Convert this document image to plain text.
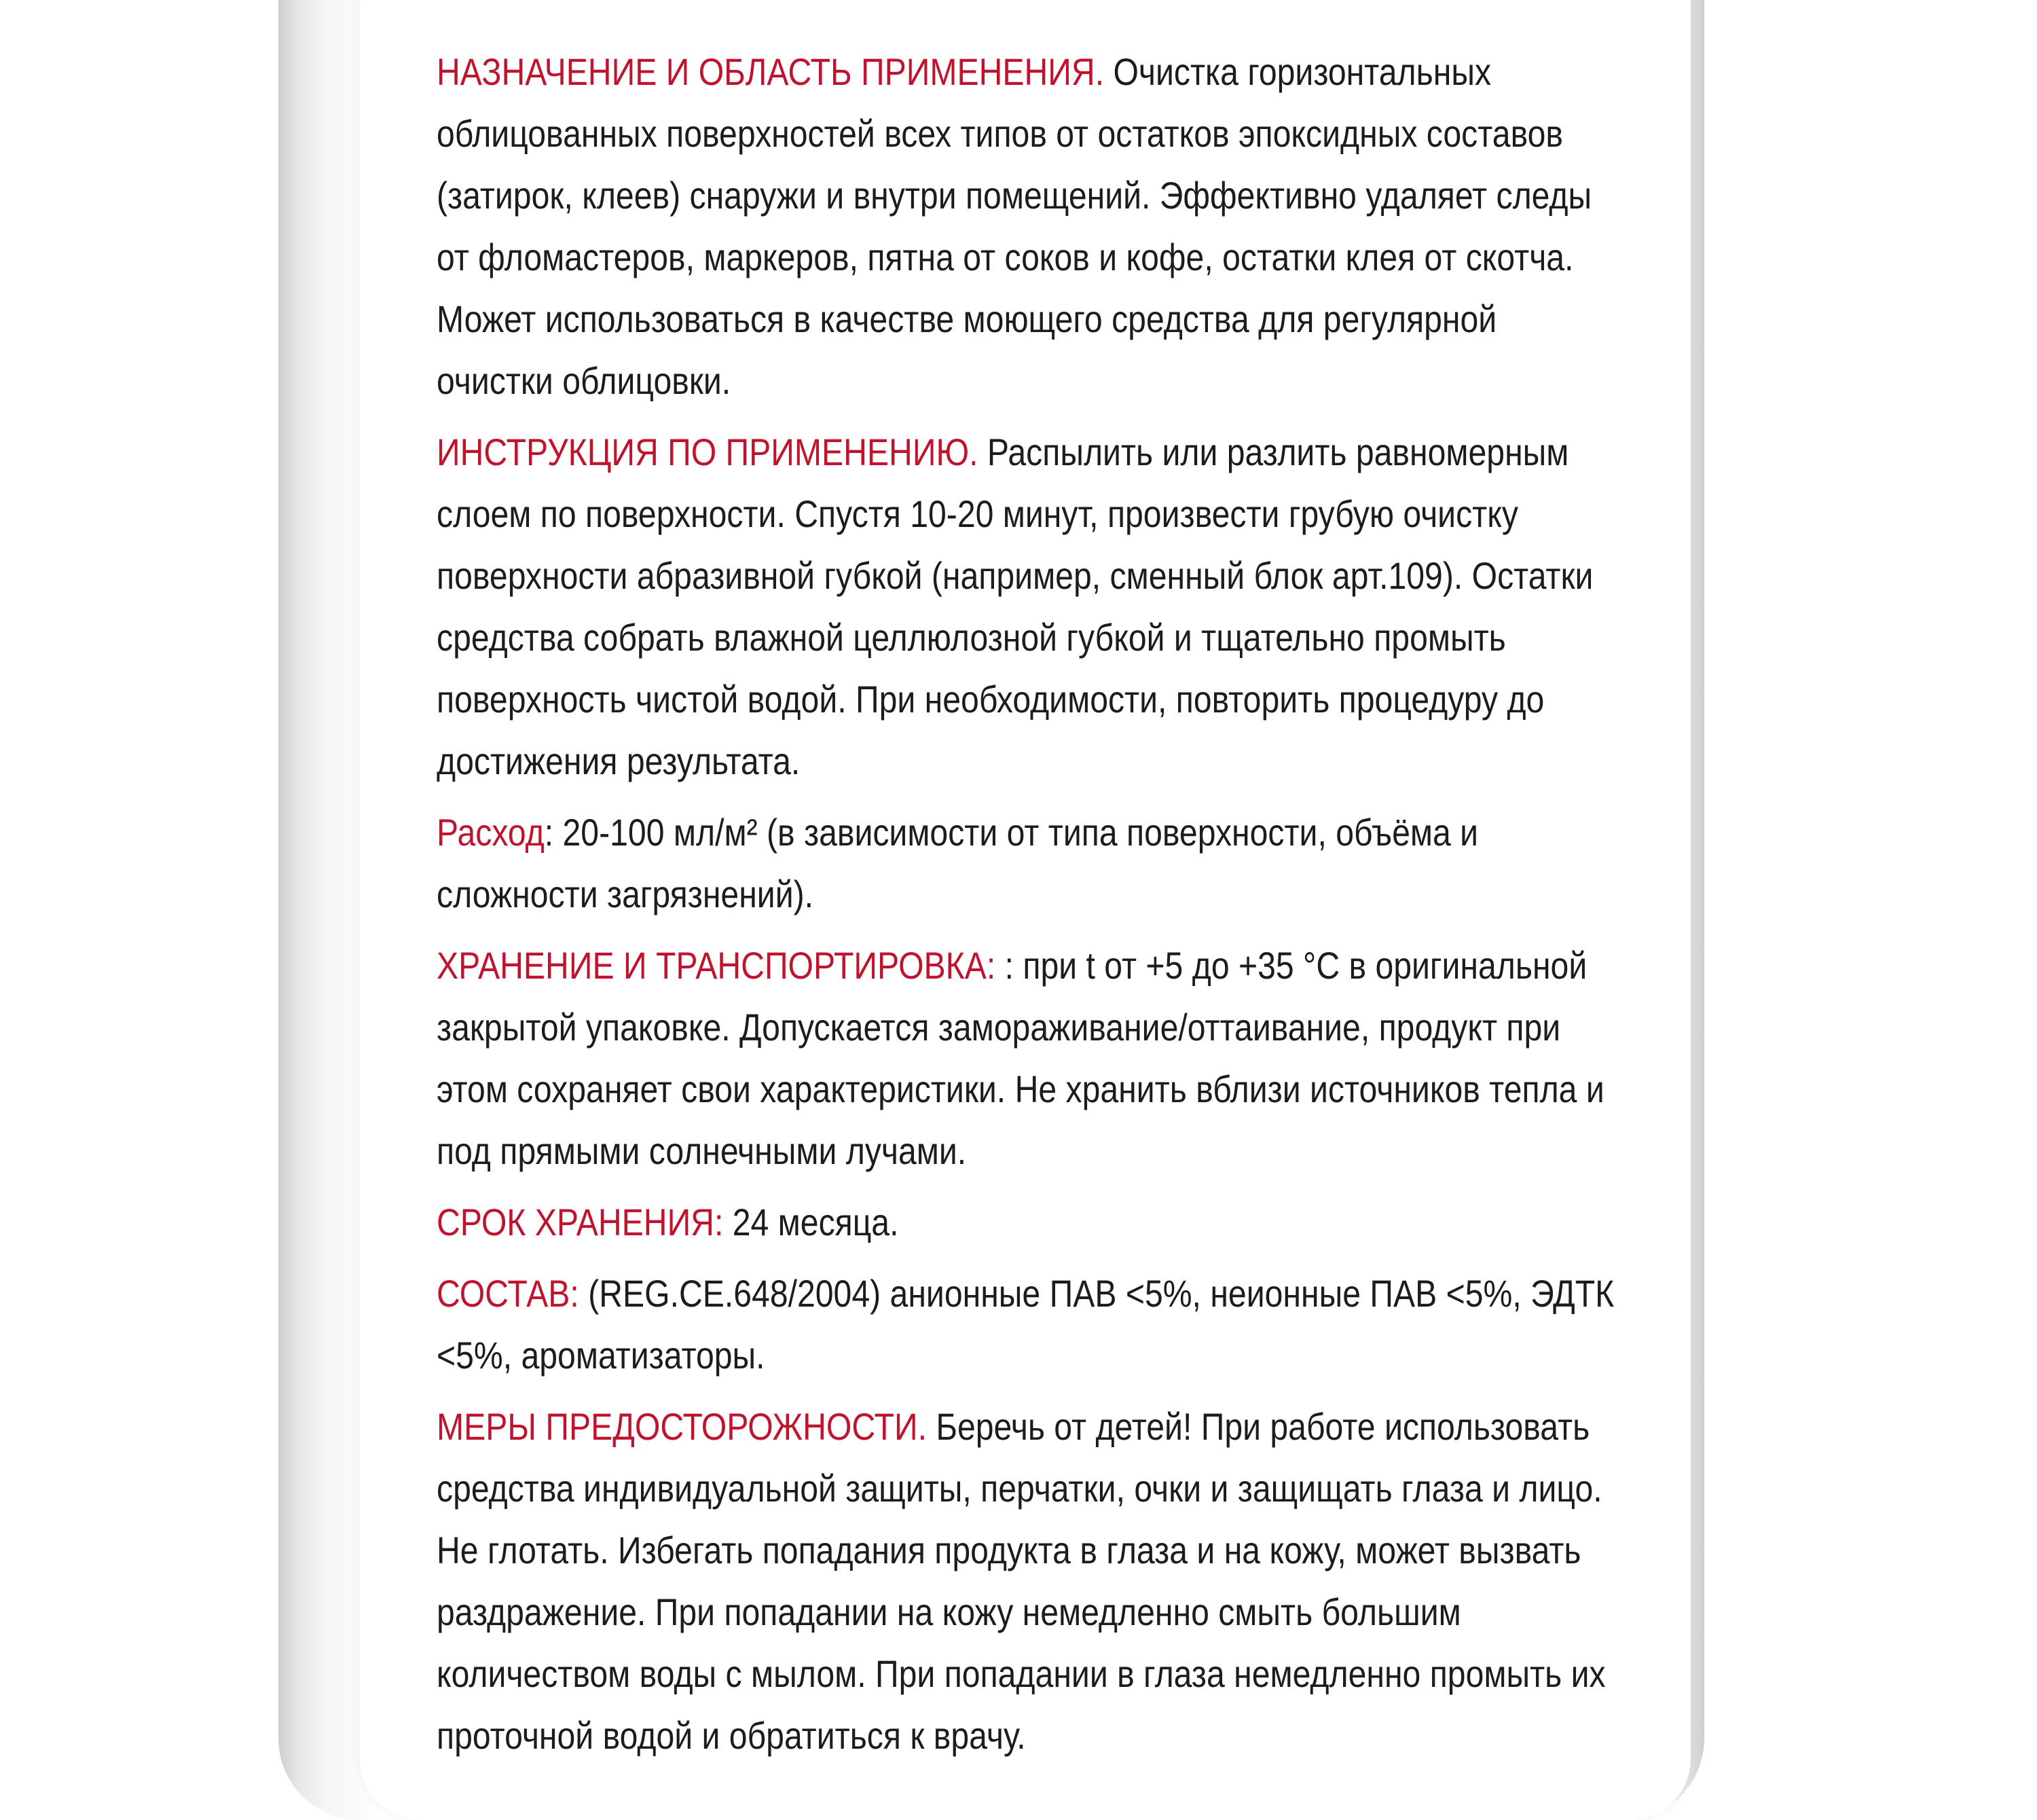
НАЗНАЧЕНИЕ И ОБЛАСТЬ ПРИМЕНЕНИЯ. Очистка горизонтальных облицованных поверхностей всех типов от остатков эпоксидных составов (затирок, клеев) снаружи и внутри помещений. Эффективно удаляет следы от фломастеров, маркеров, пятна от соков и кофе, остатки клея от скотча. Может использоваться в качестве моющего средства для регулярной очистки облицовки.

ИНСТРУКЦИЯ ПО ПРИМЕНЕНИЮ. Распылить или разлить равномерным слоем по поверхности. Спустя 10-20 минут, произвести грубую очистку поверхности абразивной губкой (например, сменный блок арт.109). Остатки средства собрать влажной целлюлозной губкой и тщательно промыть поверхность чистой водой. При необходимости, повторить процедуру до достижения результата.

Расход: 20-100 мл/м² (в зависимости от типа поверхности, объёма и сложности загрязнений).

ХРАНЕНИЕ И ТРАНСПОРТИРОВКА: : при t от +5 до +35 °С в оригинальной закрытой упаковке. Допускается замораживание/оттаивание, продукт при этом сохраняет свои характеристики. Не хранить вблизи источников тепла и под прямыми солнечными лучами.

СРОК ХРАНЕНИЯ: 24 месяца.

СОСТАВ: (REG.CE.648/2004) анионные ПАВ <5%, неионные ПАВ <5%, ЭДТК <5%, ароматизаторы.

МЕРЫ ПРЕДОСТОРОЖНОСТИ. Беречь от детей! При работе использовать средства индивидуальной защиты, перчатки, очки и защищать глаза и лицо. Не глотать. Избегать попадания продукта в глаза и на кожу, может вызвать раздражение. При попадании на кожу немедленно смыть большим количеством воды с мылом. При попадании в глаза немедленно промыть их проточной водой и обратиться к врачу.
